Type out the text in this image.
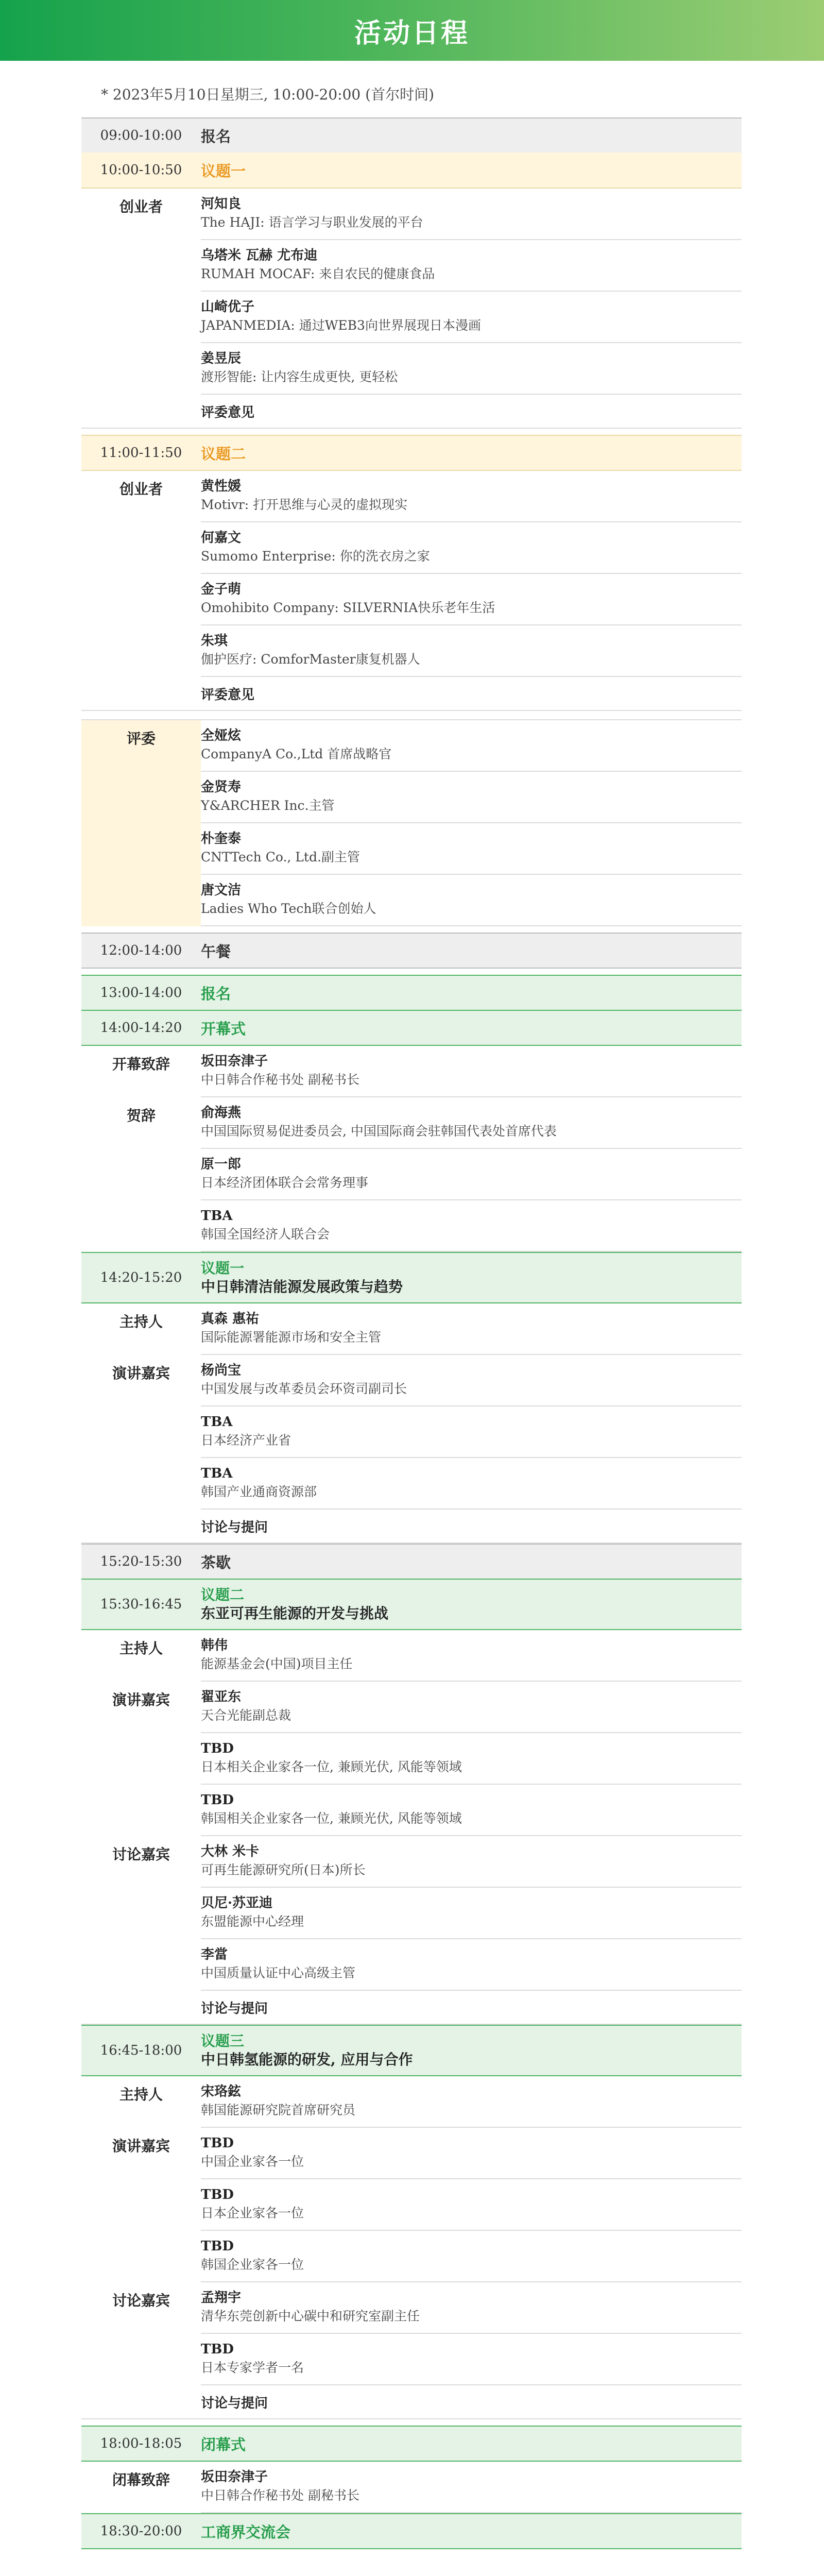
活动日程
* 2023年5月10日星期三, 10:00-20:00 (首尔时间)
09:00-10:00	报名
10:00-10:50	议题一
创业者	河知良
The HAJI: 语言学习与职业发展的平台
乌塔米 瓦赫 尤布迪
RUMAH MOCAF: 来自农民的健康食品
山崎优子
JAPANMEDIA: 通过WEB3向世界展现日本漫画
姜昱辰
渡形智能: 让内容生成更快, 更轻松
评委意见
11:00-11:50	议题二
创业者	黄性媛
Motivr: 打开思维与心灵的虚拟现实
何嘉文
Sumomo Enterprise: 你的洗衣房之家
金子萌
Omohibito Company: SILVERNIA快乐老年生活
朱琪
伽护医疗: ComforMaster康复机器人
评委意见
评委	全娅炫
CompanyA Co.,Ltd 首席战略官
金贤寿
Y&ARCHER Inc.主管
朴奎泰
CNTTech Co., Ltd.副主管
唐文洁
Ladies Who Tech联合创始人
12:00-14:00	午餐
13:00-14:00	报名
14:00-14:20	开幕式
开幕致辞	坂田奈津子
中日韩合作秘书处 副秘书长
贺辞	俞海燕
中国国际贸易促进委员会, 中国国际商会驻韩国代表处首席代表
原一郎
日本经济团体联合会常务理事
TBA
韩国全国经济人联合会
14:20-15:20
议题一
中日韩清洁能源发展政策与趋势
主持人	真森 惠祐
国际能源署能源市场和安全主管
演讲嘉宾	杨尚宝
中国发展与改革委员会环资司副司长
TBA
日本经济产业省
TBA
韩国产业通商资源部
讨论与提问
15:20-15:30	茶歇
15:30-16:45
议题二
东亚可再生能源的开发与挑战
主持人	韩伟
能源基金会(中国)项目主任
演讲嘉宾	翟亚东
天合光能副总裁
TBD
日本相关企业家各一位, 兼顾光伏, 风能等领域
TBD
韩国相关企业家各一位, 兼顾光伏, 风能等领域
讨论嘉宾	大林 米卡
可再生能源研究所(日本)所长
贝尼·苏亚迪
东盟能源中心经理
李當
中国质量认证中心高级主管
讨论与提问
16:45-18:00
议题三
中日韩氢能源的研发, 应用与合作
主持人	宋珞鉉
韩国能源研究院首席研究员
演讲嘉宾	TBD
中国企业家各一位
TBD
日本企业家各一位
TBD
韩国企业家各一位
讨论嘉宾	孟翔宇
清华东莞创新中心碳中和研究室副主任
TBD
日本专家学者一名
讨论与提问
18:00-18:05	闭幕式
闭幕致辞	坂田奈津子
中日韩合作秘书处 副秘书长
18:30-20:00	工商界交流会
